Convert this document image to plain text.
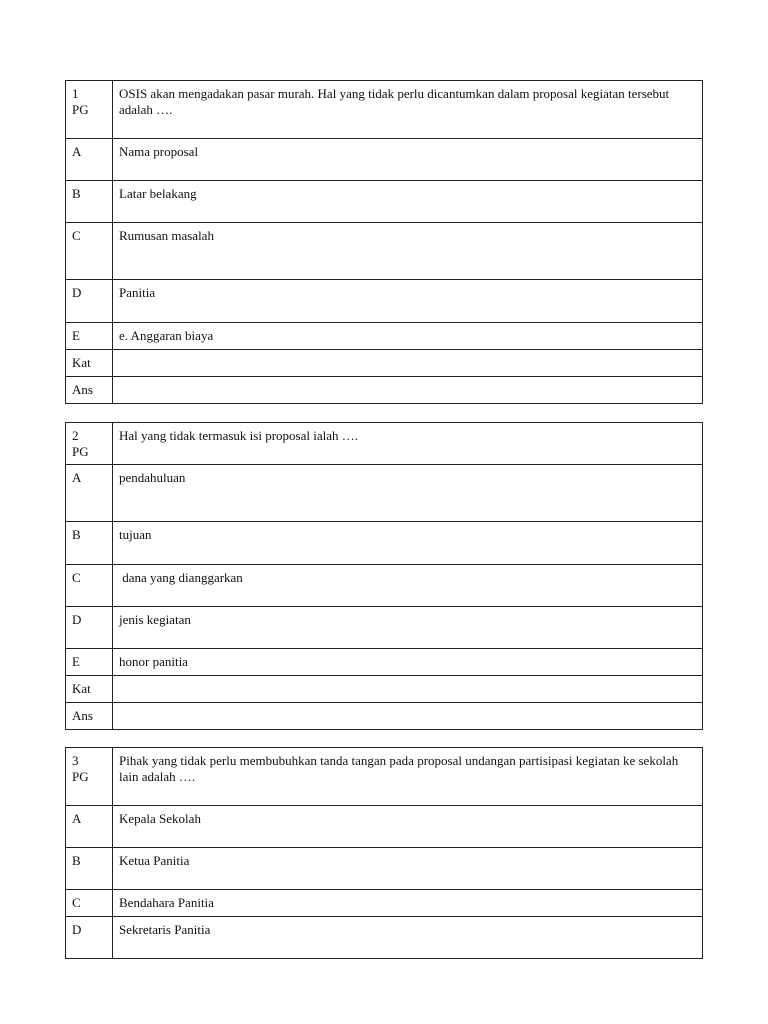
1
PG	OSIS akan mengadakan pasar murah. Hal yang tidak perlu dicantumkan dalam proposal kegiatan tersebut adalah ….
A	Nama proposal
B	Latar belakang
C	Rumusan masalah
D	Panitia
E	e. Anggaran biaya
Kat	
Ans	
2
PG	Hal yang tidak termasuk isi proposal ialah ….
A	pendahuluan
B	tujuan
C	dana yang dianggarkan
D	jenis kegiatan
E	honor panitia
Kat	
Ans	
3
PG	Pihak yang tidak perlu membubuhkan tanda tangan pada proposal undangan partisipasi kegiatan ke sekolah lain adalah ….
A	Kepala Sekolah
B	Ketua Panitia
C	Bendahara Panitia
D	Sekretaris Panitia
